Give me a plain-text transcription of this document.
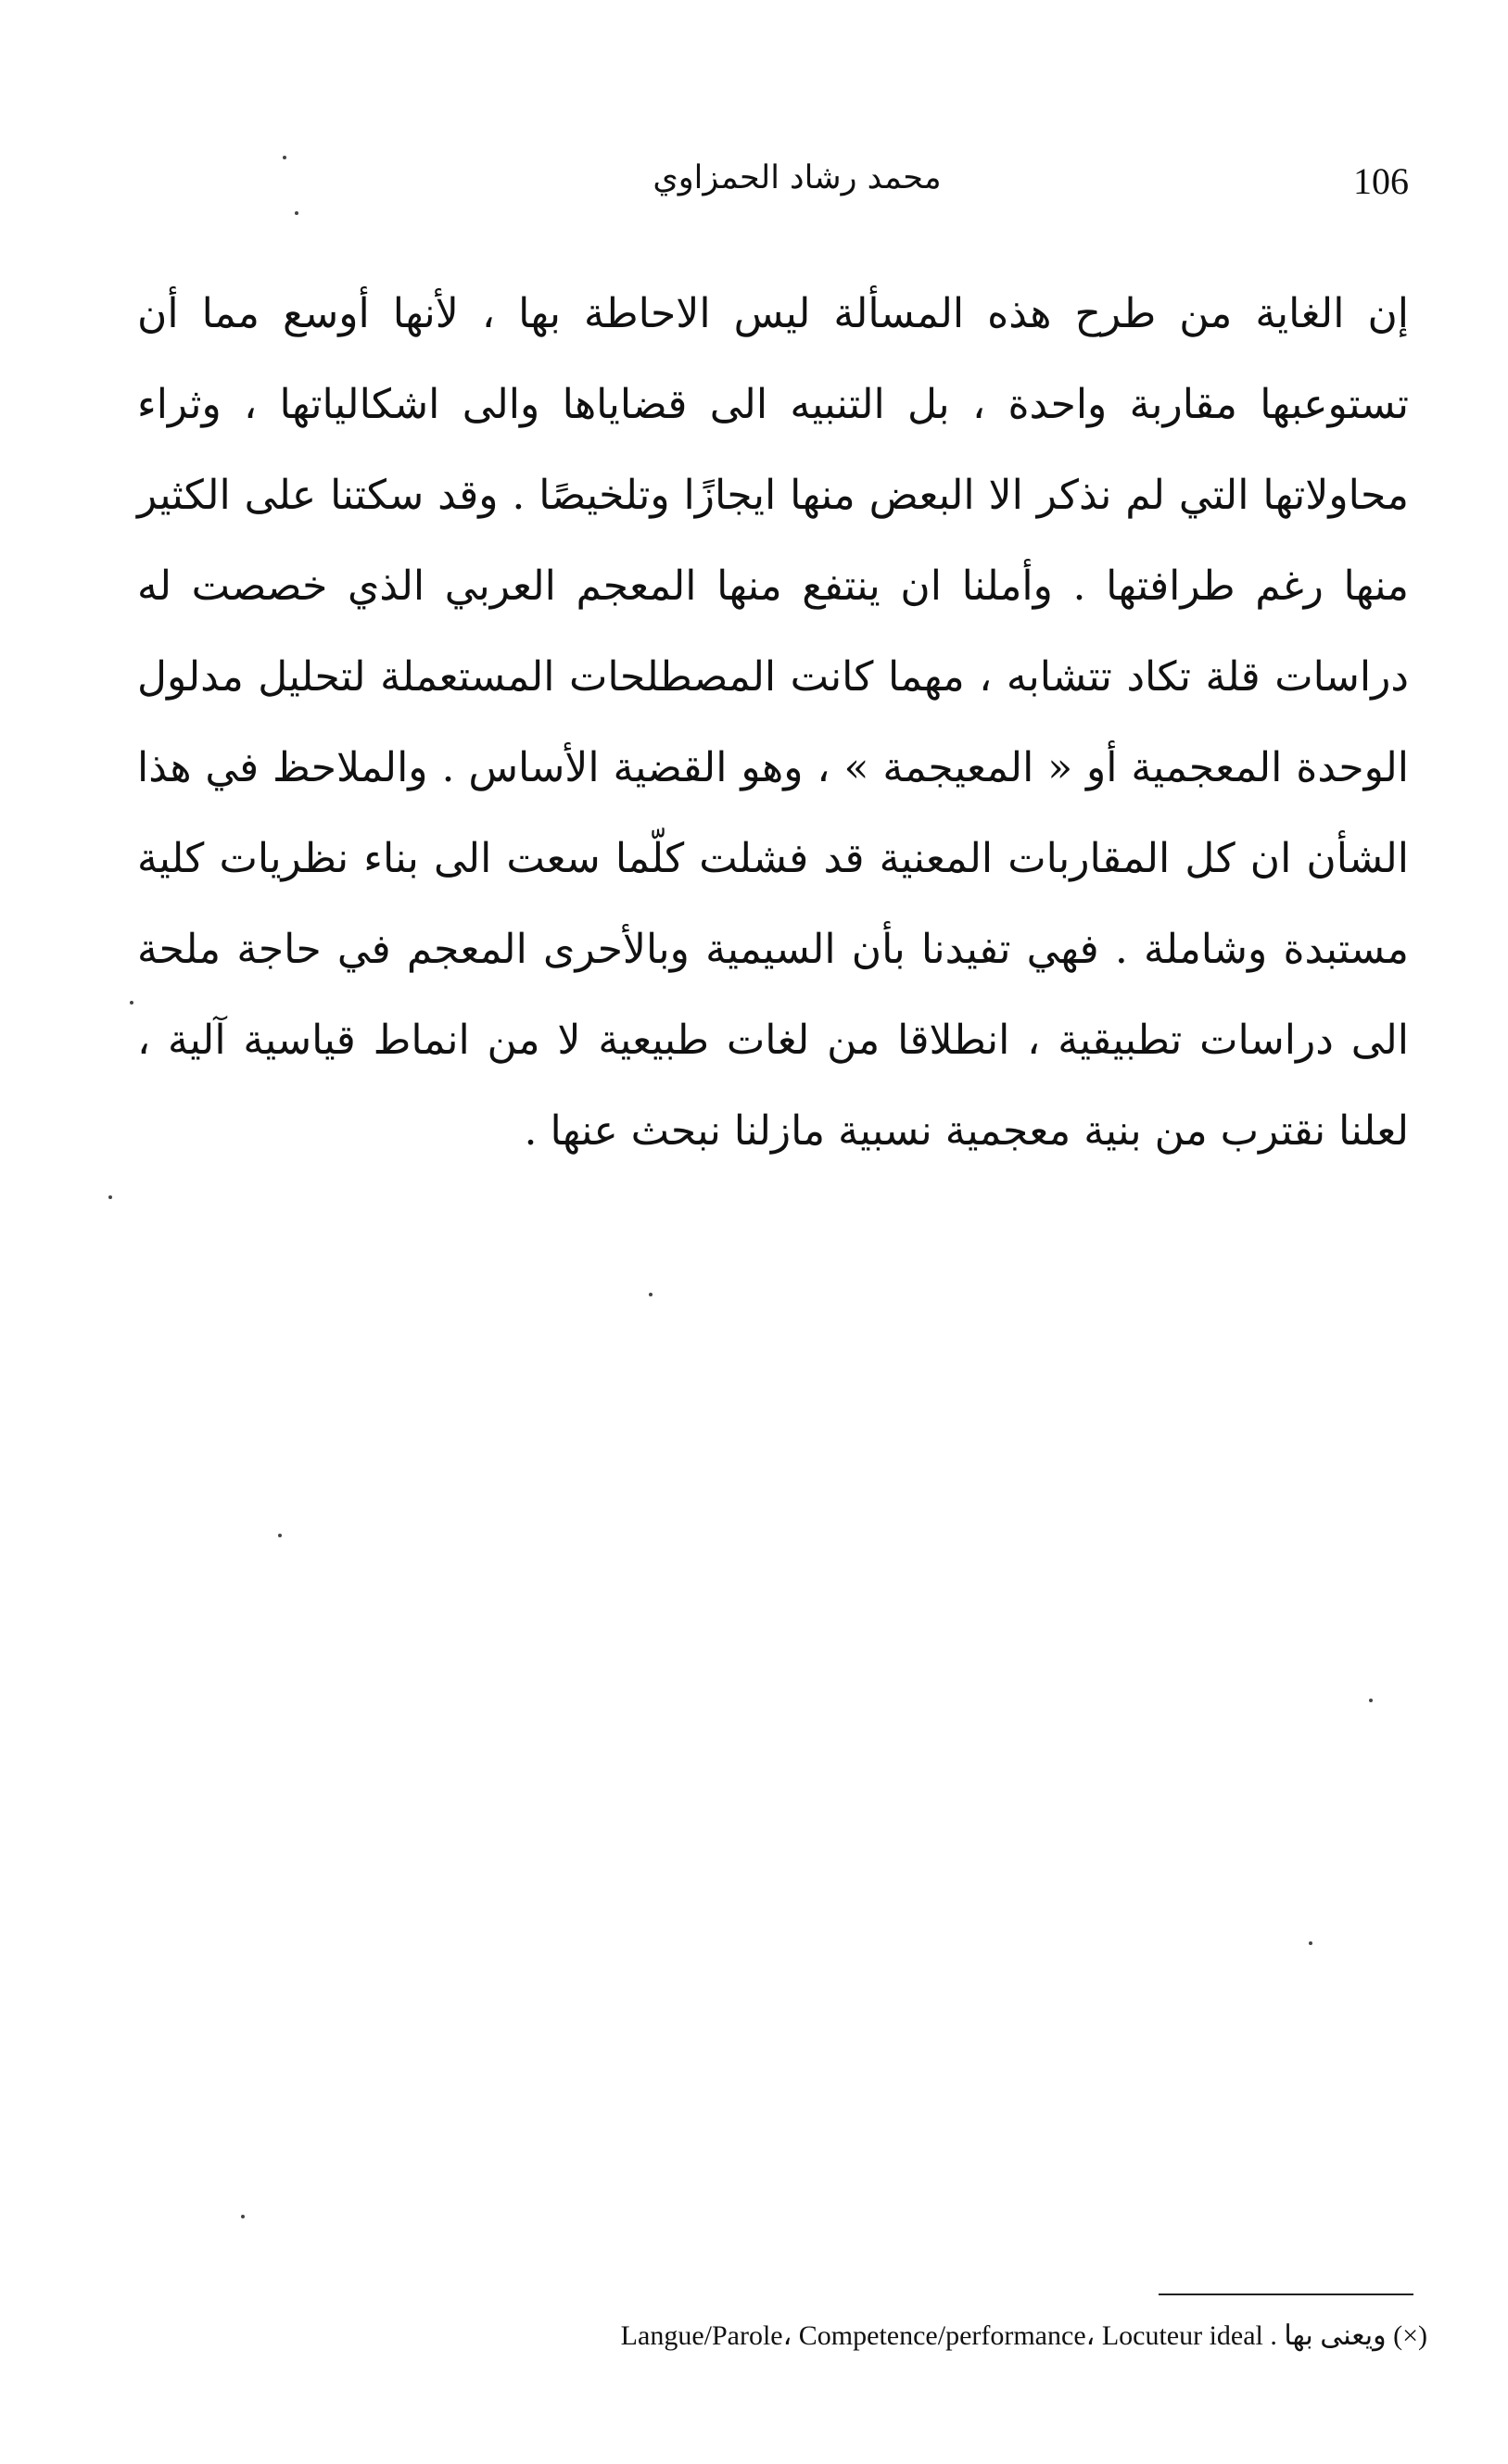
106
محمد رشاد الحمزاوي
إن الغاية من طرح هذه المسألة ليس الاحاطة بها ، لأنها أوسع مما أن
تستوعبها مقاربة واحدة ، بل التنبيه الى قضاياها والى اشكالياتها ، وثراء
محاولاتها التي لم نذكر الا البعض منها ايجازًا وتلخيصًا . وقد سكتنا على الكثير
منها رغم طرافتها . وأملنا ان ينتفع منها المعجم العربي الذي خصصت له
دراسات قلة تكاد تتشابه ، مهما كانت المصطلحات المستعملة لتحليل مدلول
الوحدة المعجمية أو « المعيجمة » ، وهو القضية الأساس . والملاحظ في هذا
الشأن ان كل المقاربات المعنية قد فشلت كلّما سعت الى بناء نظريات كلية
مستبدة وشاملة . فهي تفيدنا بأن السيمية وبالأحرى المعجم في حاجة ملحة
الى دراسات تطبيقية ، انطلاقا من لغات طبيعية لا من انماط قياسية آلية ،
لعلنا نقترب من بنية معجمية نسبية مازلنا نبحث عنها .
(×) ويعنى بها Langue/Parole، Competence/performance، Locuteur ideal .
